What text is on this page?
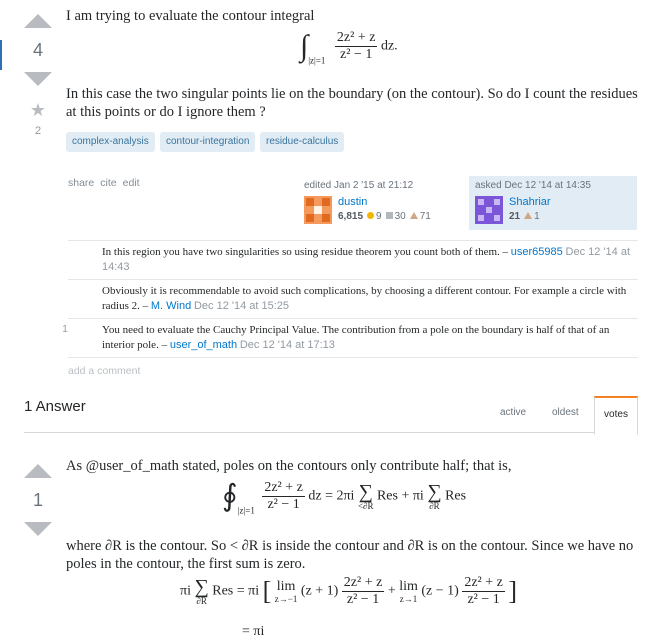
4
★
2
I am trying to evaluate the contour integral
$\int_{|z|=1} \frac{\text{2z² + z}}{\text{z² − 1}}$ dz.
In this case the two singular points lie on the boundary (on the contour). So do I count the residues at this points or do I ignore them ?
complex-analysis	contour-integration	residue-calculus
share cite edit	edited Jan 2 '15 at 21:12
dustin
6,815 9 30 71
asked Dec 12 '14 at 14:35
Shahriar
21 1
In this region you have two singularities so using residue theorem you count both of them. – user65985 Dec 12 '14 at 14:43
Obviously it is recommendable to avoid such complications, by choosing a different contour. For example a circle with radius 2. – M. Wind Dec 12 '14 at 15:25
1	You need to evaluate the Cauchy Principal Value. The contribution from a pole on the boundary is half of that of an interior pole. – user_of_math Dec 12 '14 at 17:13
add a comment
1 Answer	active	oldest	votes
1
As @user_of_math stated, poles on the contours only contribute half; that is,
$∮_{|z|=1} \frac{\text{2z² + z}}{\text{z² − 1}}$ dz = 2πi ∑
<∂R
Res + πi ∑
∂R
Res
where ∂R is the contour. So < ∂R is inside the contour and ∂R is on the contour. Since we have no poles in the contour, the first sum is zero.
πi ∑
∂R
Res = πi [ lim
z→−1 $(z + 1) \frac{\text{2z² + z}}{\text{z² − 1}} + \lim$
z→1 $(z - 1) \frac{\text{2z² + z}}{\text{z² − 1}}$ ]
= πi
